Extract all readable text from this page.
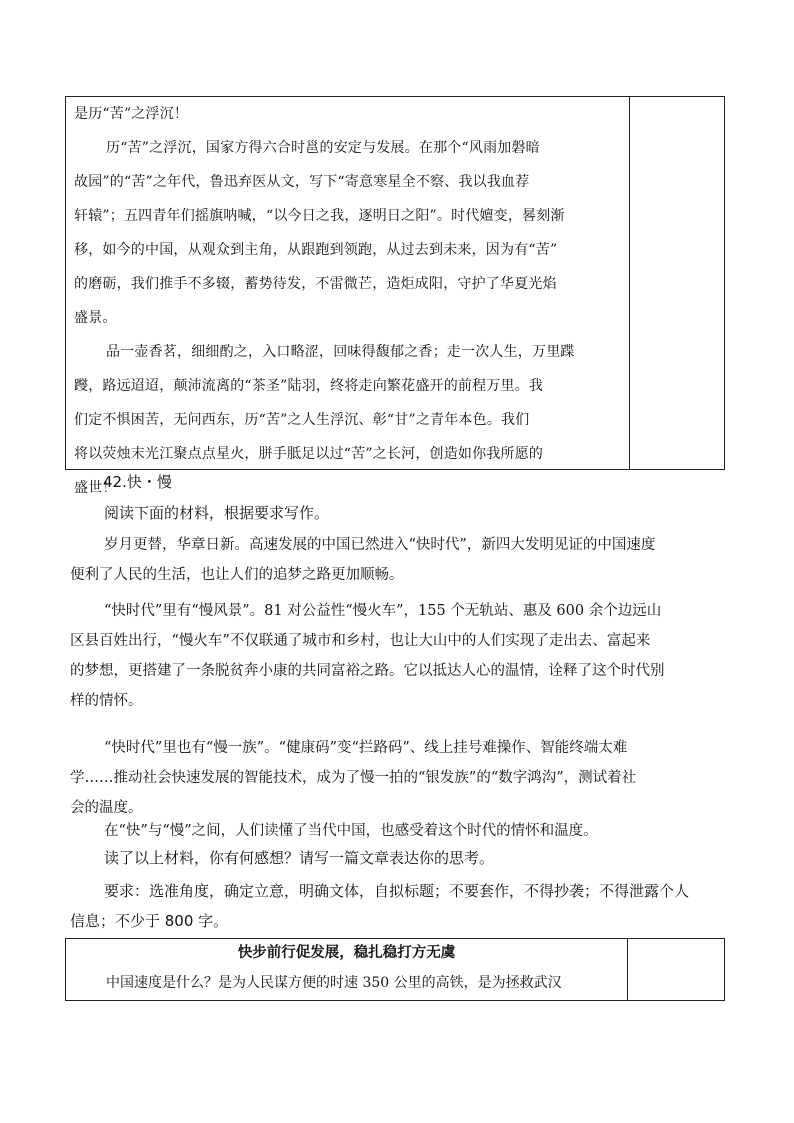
是历“苦”之浮沉！
历“苦”之浮沉，国家方得六合时邕的安定与发展。在那个“风雨加磐暗
故园”的“苦”之年代，鲁迅弃医从文，写下“寄意寒星全不察、我以我血荐
轩辕”；五四青年们摇旗呐喊，“以今日之我，逐明日之阳”。时代嬗变，晷刻渐
移，如今的中国，从观众到主角，从跟跑到领跑，从过去到未来，因为有“苦”
的磨砺，我们推手不多辍，蓄势待发，不雷微芒，造炬成阳，守护了华夏光焰
盛景。
品一壶香茗，细细酌之，入口略涩，回味得馥郁之香；走一次人生，万里蹀
躞，路远迢迢，颠沛流离的“茶圣”陆羽，终将走向繁花盛开的前程万里。我
们定不惧困苦，无问西东，历“苦”之人生浮沉、彰“甘”之青年本色。我们
将以荧烛末光江聚点点星火，胼手胝足以过“苦”之长河，创造如你我所愿的
盛世！
42.快・慢
阅读下面的材料，根据要求写作。
岁月更替，华章日新。高速发展的中国已然进入“快时代”，新四大发明见证的中国速度
便利了人民的生活，也让人们的追梦之路更加顺畅。
“快时代”里有“慢风景”。81 对公益性“慢火车”，155 个无轨站、惠及 600 余个边远山
区县百姓出行，“慢火车”不仅联通了城市和乡村，也让大山中的人们实现了走出去、富起来
的梦想，更搭建了一条脱贫奔小康的共同富裕之路。它以抵达人心的温情，诠释了这个时代别
样的情怀。
“快时代”里也有“慢一族”。“健康码”变“拦路码”、线上挂号难操作、智能终端太难
学……推动社会快速发展的智能技术，成为了慢一拍的“银发族”的“数字鸿沟”，测试着社
会的温度。
在“快”与“慢”之间，人们读懂了当代中国，也感受着这个时代的情怀和温度。
读了以上材料，你有何感想？请写一篇文章表达你的思考。
要求：选准角度，确定立意，明确文体，自拟标题；不要套作，不得抄袭；不得泄露个人
信息；不少于 800 字。
快步前行促发展，稳扎稳打方无虞
中国速度是什么？是为人民谋方便的时速 350 公里的高铁，是为拯救武汉
